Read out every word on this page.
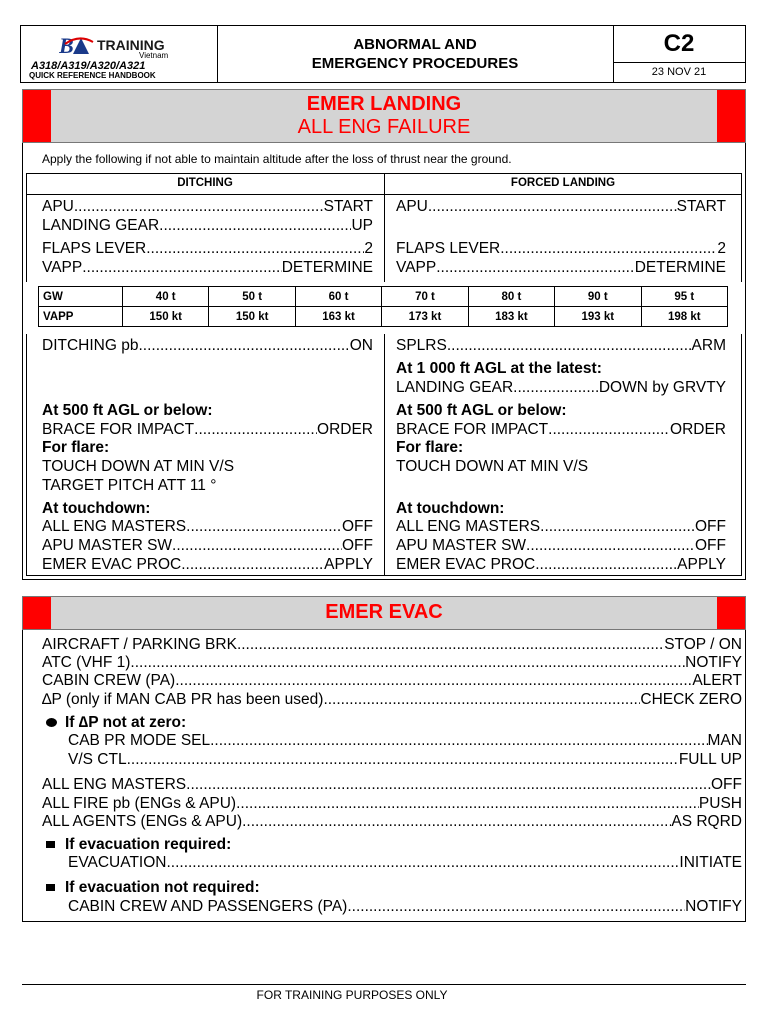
B TRAINING
Vietnam
A318/A319/A320/A321
QUICK REFERENCE HANDBOOK
ABNORMAL AND
EMERGENCY PROCEDURES
C2
23 NOV 21
EMER LANDING
ALL ENG FAILURE
Apply the following if not able to maintain altitude after the loss of thrust near the ground.
DITCHING	FORCED LANDING
APU .....	START
LANDING GEAR .....	UP
FLAPS LEVER .....	2
VAPP .....	DETERMINE
APU .....	START
FLAPS LEVER .....	2
VAPP .....	DETERMINE
GW	40 t	50 t	60 t	70 t	80 t	90 t	95 t
VAPP	150 kt	150 kt	163 kt	173 kt	183 kt	193 kt	198 kt
DITCHING pb .....	ON
At 500 ft AGL or below:
BRACE FOR IMPACT .....	ORDER
For flare:
TOUCH DOWN AT MIN V/S
TARGET PITCH ATT 11 °
At touchdown:
ALL ENG MASTERS .....	OFF
APU MASTER SW .....	OFF
EMER EVAC PROC .....	APPLY
SPLRS .....	ARM
At 1 000 ft AGL at the latest:
LANDING GEAR .....	DOWN by GRVTY
At 500 ft AGL or below:
BRACE FOR IMPACT .....	ORDER
For flare:
TOUCH DOWN AT MIN V/S
At touchdown:
ALL ENG MASTERS .....	OFF
APU MASTER SW .....	OFF
EMER EVAC PROC .....	APPLY
EMER EVAC
AIRCRAFT / PARKING BRK .....	STOP / ON
ATC (VHF 1) .....	NOTIFY
CABIN CREW (PA) .....	ALERT
∆P (only if MAN CAB PR has been used) .....	CHECK ZERO
If ∆P not at zero:
CAB PR MODE SEL .....	MAN
V/S CTL .....	FULL UP
ALL ENG MASTERS .....	OFF
ALL FIRE pb (ENGs & APU) .....	PUSH
ALL AGENTS (ENGs & APU) .....	AS RQRD
If evacuation required:
EVACUATION .....	INITIATE
If evacuation not required:
CABIN CREW AND PASSENGERS (PA) .....	NOTIFY
FOR TRAINING PURPOSES ONLY
